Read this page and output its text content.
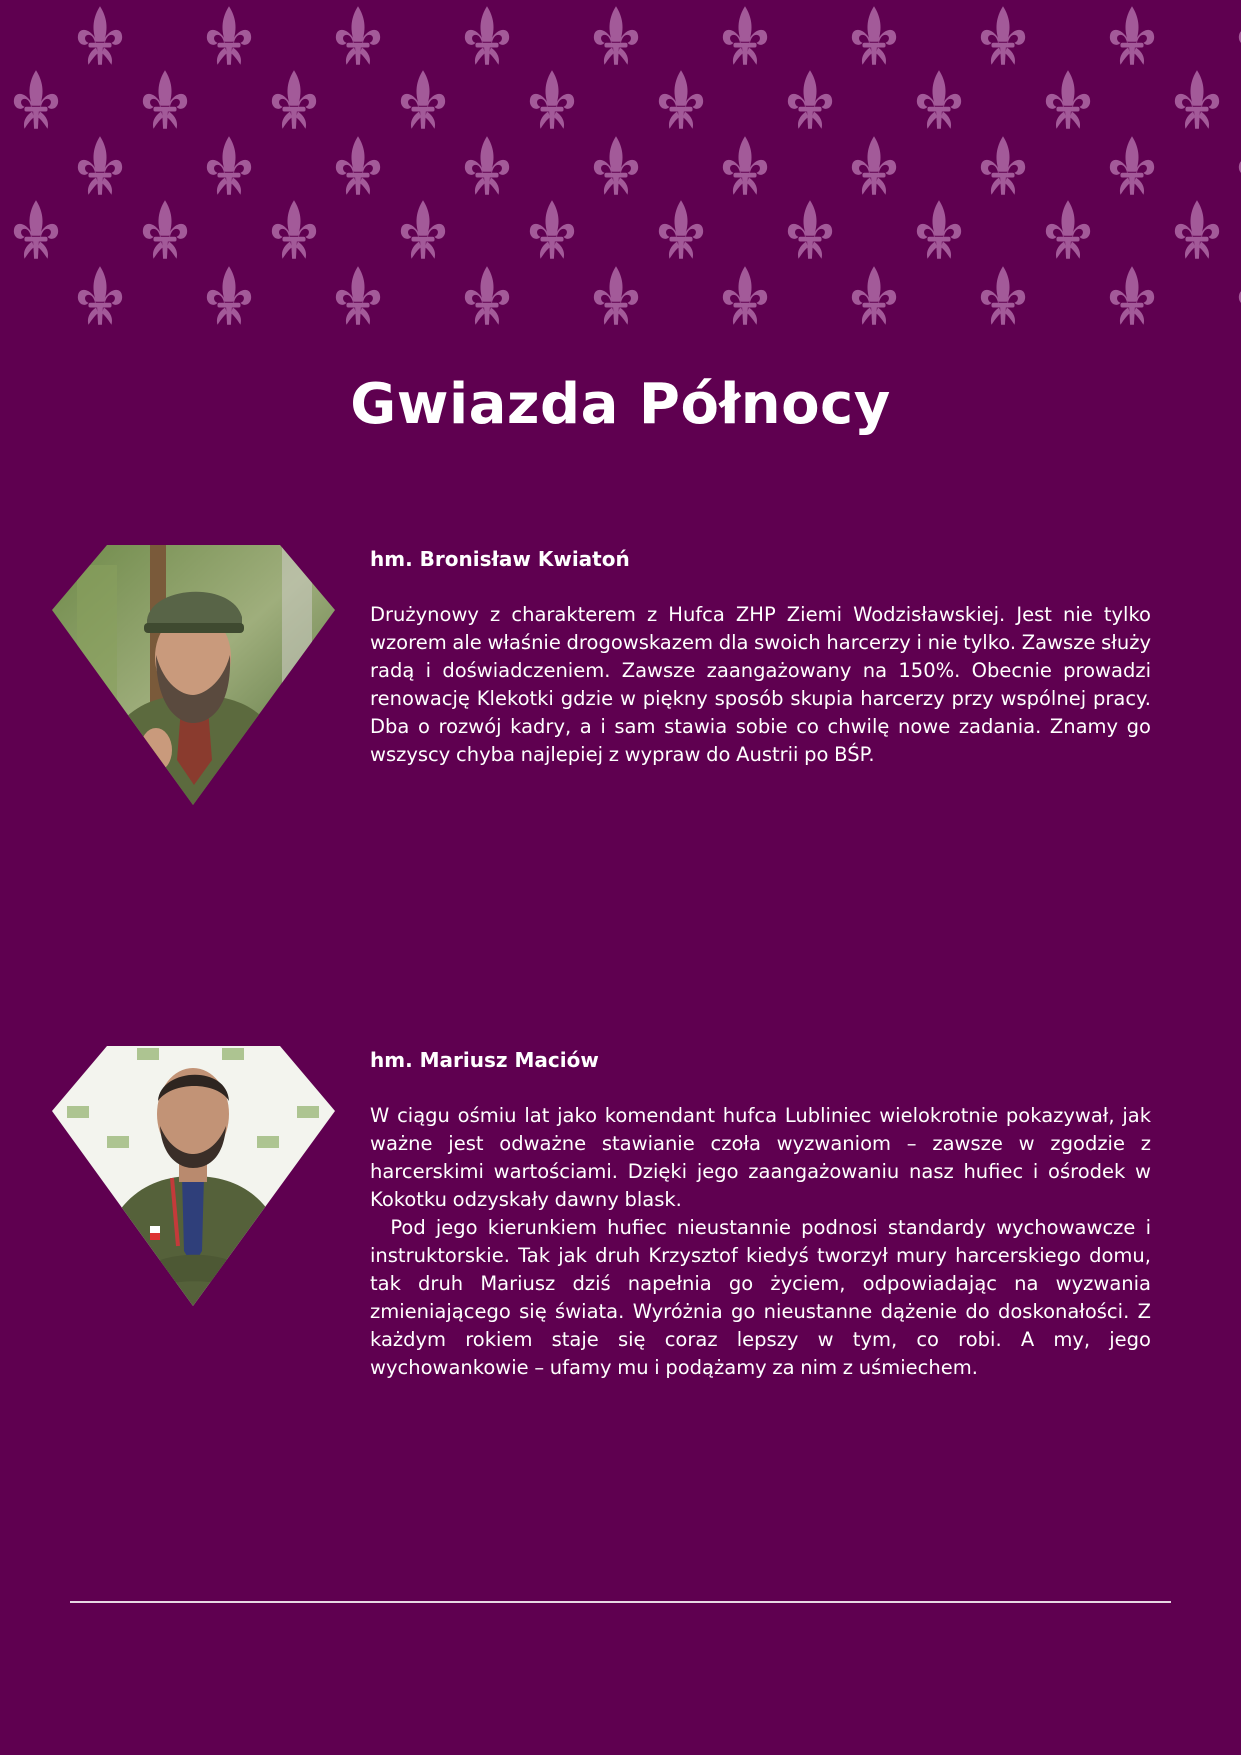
Gwiazda Północy

hm. Bronisław Kwiatoń

Drużynowy z charakterem z Hufca ZHP Ziemi Wodzisławskiej. Jest nie tylko wzorem ale właśnie drogowskazem dla swoich harcerzy i nie tylko. Zawsze służy radą i doświadczeniem. Zawsze zaangażowany na 150%. Obecnie prowadzi renowację Klekotki gdzie w piękny sposób skupia harcerzy przy wspólnej pracy. Dba o rozwój kadry, a i sam stawia sobie co chwilę nowe zadania. Znamy go wszyscy chyba najlepiej z wypraw do Austrii po BŚP.

hm. Mariusz Maciów

W ciągu ośmiu lat jako komendant hufca Lubliniec wielokrotnie pokazywał, jak ważne jest odważne stawianie czoła wyzwaniom – zawsze w zgodzie z harcerskimi wartościami. Dzięki jego zaangażowaniu nasz hufiec i ośrodek w Kokotku odzyskały dawny blask.

Pod jego kierunkiem hufiec nieustannie podnosi standardy wychowawcze i instruktorskie. Tak jak druh Krzysztof kiedyś tworzył mury harcerskiego domu, tak druh Mariusz dziś napełnia go życiem, odpowiadając na wyzwania zmieniającego się świata. Wyróżnia go nieustanne dążenie do doskonałości. Z każdym rokiem staje się coraz lepszy w tym, co robi. A my, jego wychowankowie – ufamy mu i podążamy za nim z uśmiechem.
